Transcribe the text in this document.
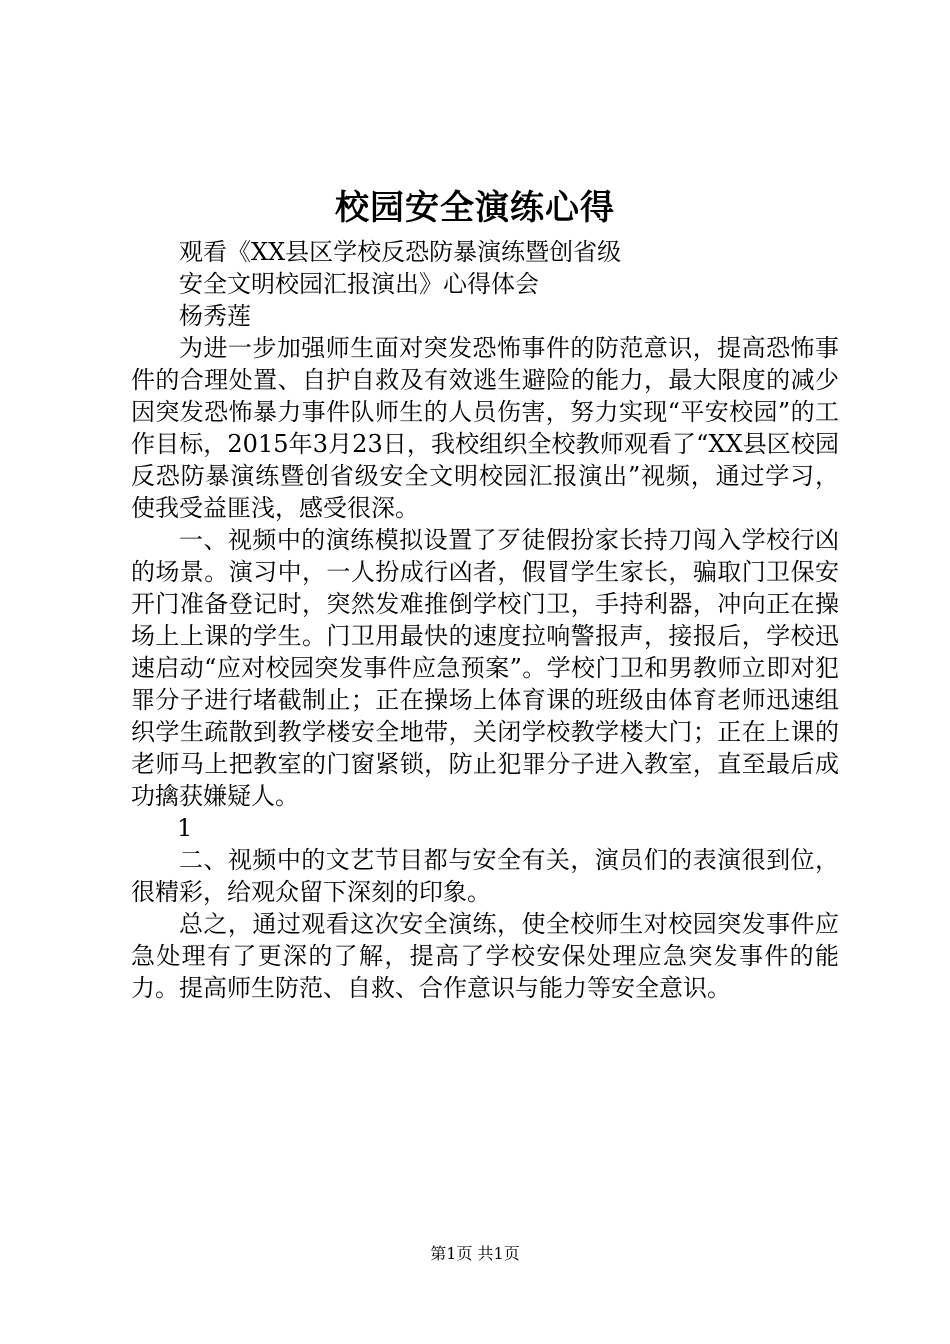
校园安全演练心得
观看《XX县区学校反恐防暴演练暨创省级
安全文明校园汇报演出》心得体会
杨秀莲

为进一步加强师生面对突发恐怖事件的防范意识，提高恐怖事件的合理处置、自护自救及有效逃生避险的能力，最大限度的减少因突发恐怖暴力事件队师生的人员伤害，努力实现“平安校园”的工作目标，2015年3月23日，我校组织全校教师观看了“XX县区校园反恐防暴演练暨创省级安全文明校园汇报演出”视频，通过学习，使我受益匪浅，感受很深。

一、视频中的演练模拟设置了歹徒假扮家长持刀闯入学校行凶的场景。演习中，一人扮成行凶者，假冒学生家长，骗取门卫保安开门准备登记时，突然发难推倒学校门卫，手持利器，冲向正在操场上上课的学生。门卫用最快的速度拉响警报声，接报后，学校迅速启动“应对校园突发事件应急预案”。学校门卫和男教师立即对犯罪分子进行堵截制止；正在操场上体育课的班级由体育老师迅速组织学生疏散到教学楼安全地带，关闭学校教学楼大门；正在上课的老师马上把教室的门窗紧锁，防止犯罪分子进入教室，直至最后成功擒获嫌疑人。

1

二、视频中的文艺节目都与安全有关，演员们的表演很到位，很精彩，给观众留下深刻的印象。

总之，通过观看这次安全演练，使全校师生对校园突发事件应急处理有了更深的了解，提高了学校安保处理应急突发事件的能力。提高师生防范、自救、合作意识与能力等安全意识。

第1页 共1页
